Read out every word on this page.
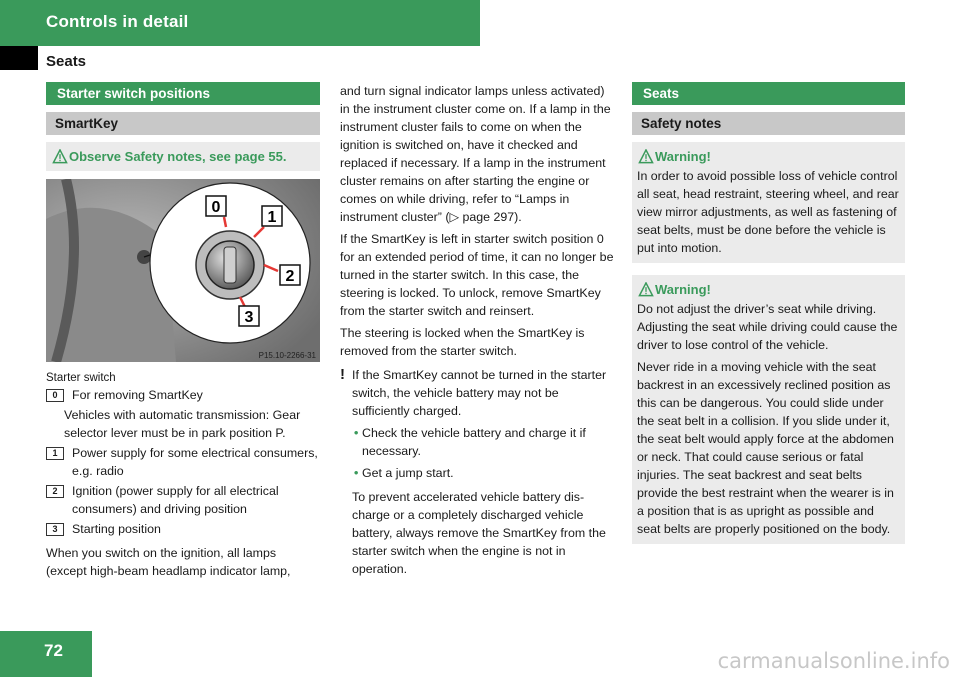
Controls in detail
Seats
Starter switch positions
SmartKey
Observe Safety notes, see page 55.
0
1
2
3
P15.10-2266-31
Starter switch
0	For removing SmartKey
Vehicles with automatic transmission: Gear selector lever must be in park position P.
1	Power supply for some electrical consumers, e.g. radio
2	Ignition (power supply for all electrical consumers) and driving position
3	Starting position

When you switch on the ignition, all lamps (except high-beam headlamp indicator lamp,

and turn signal indicator lamps unless activated) in the instrument cluster come on. If a lamp in the instrument cluster fails to come on when the ignition is switched on, have it checked and replaced if necessary. If a lamp in the instrument cluster remains on after starting the engine or comes on while driving, refer to “Lamps in instrument cluster” (▷ page 297).

If the SmartKey is left in starter switch position 0 for an extended period of time, it can no longer be turned in the starter switch. In this case, the steering is locked. To unlock, remove SmartKey from the starter switch and reinsert.

The steering is locked when the SmartKey is removed from the starter switch.

! If the SmartKey cannot be turned in the starter switch, the vehicle battery may not be sufficiently charged.
• Check the vehicle battery and charge it if necessary.
• Get a jump start.

To prevent accelerated vehicle battery discharge or a completely discharged vehicle battery, always remove the SmartKey from the starter switch when the engine is not in operation.

Seats
Safety notes
Warning!

In order to avoid possible loss of vehicle control all seat, head restraint, steering wheel, and rear view mirror adjustments, as well as fastening of seat belts, must be done before the vehicle is put into motion.

Warning!

Do not adjust the driver’s seat while driving. Adjusting the seat while driving could cause the driver to lose control of the vehicle.

Never ride in a moving vehicle with the seat backrest in an excessively reclined position as this can be dangerous. You could slide under the seat belt in a collision. If you slide under it, the seat belt would apply force at the abdomen or neck. That could cause serious or fatal injuries. The seat backrest and seat belts provide the best restraint when the wearer is in a position that is as upright as possible and seat belts are properly positioned on the body.

72	carmanualsonline.info
